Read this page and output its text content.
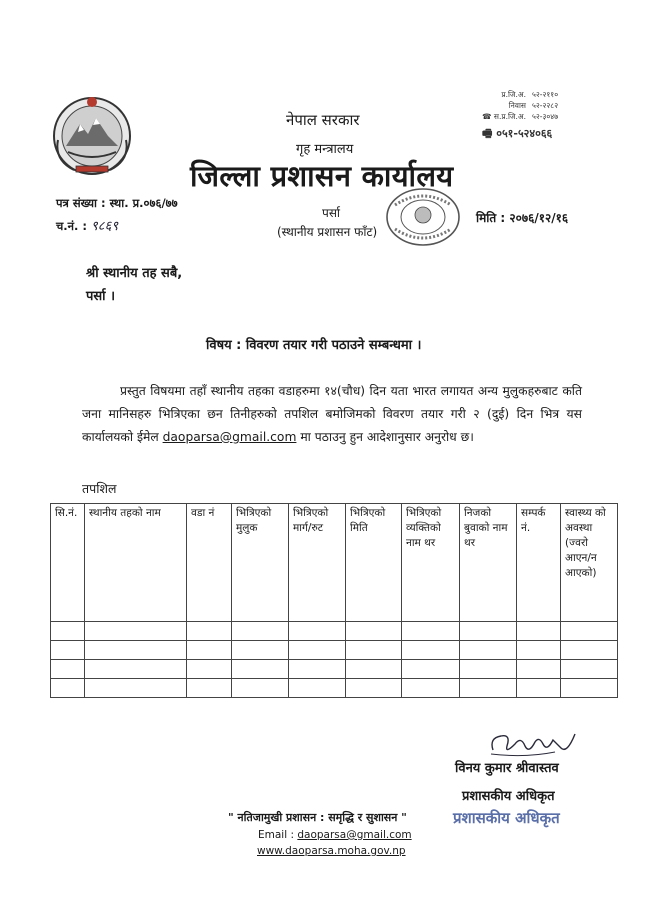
प्र.जि.अ. ५२-२११०
निवास ५२-२२८२
☎ स.प्र.जि.अ. ५२-३०४७
🖷 ०५१-५२४०६६
नेपाल सरकार
गृह मन्त्रालय
जिल्ला प्रशासन कार्यालय
पर्सा
(स्थानीय प्रशासन फाँट)
पत्र संख्या : स्था. प्र.०७६/७७
च.नं. : ९८६९
मिति : २०७६/१२/१६
श्री स्थानीय तह सबै,
पर्सा ।
विषय : विवरण तयार गरी पठाउने सम्बन्धमा ।
प्रस्तुत विषयमा तहाँ स्थानीय तहका वडाहरुमा १४(चौध) दिन यता भारत लगायत अन्य मुलुकहरुबाट कति जना मानिसहरु भित्रिएका छन तिनीहरुको तपशिल बमोजिमको विवरण तयार गरी २ (दुई) दिन भित्र यस कार्यालयको ईमेल daoparsa@gmail.com मा पठाउनु हुन आदेशानुसार अनुरोध छ।
तपशिल
सि.नं.	स्थानीय तहको नाम	वडा नं	भित्रिएको मुलुक	भित्रिएको मार्ग/रुट	भित्रिएको मिति	भित्रिएको व्यक्तिको नाम थर	निजको बुवाको नाम थर	सम्पर्क नं.	स्वास्थ्य को अवस्था (ज्वरो आएन/न आएको)

विनय कुमार श्रीवास्तव
प्रशासकीय अधिकृत
प्रशासकीय अधिकृत
" नतिजामुखी प्रशासन : समृद्धि र सुशासन "
Email : daoparsa@gmail.com
www.daoparsa.moha.gov.np
